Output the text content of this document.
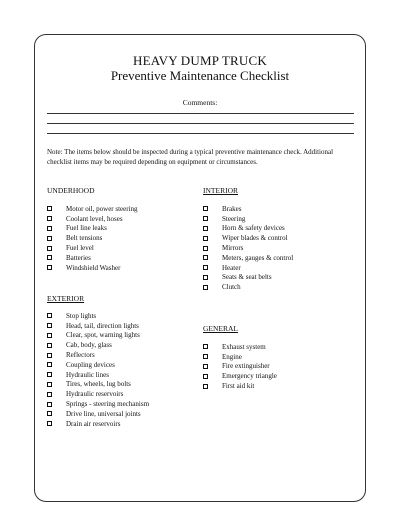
HEAVY DUMP TRUCK
Preventive Maintenance Checklist
Comments:
Note: The items below should be inspected during a typical preventive maintenance check. Additional checklist items may be required depending on equipment or circumstances.
UNDERHOOD
Motor oil, power steering
Coolant level, hoses
Fuel line leaks
Belt tensions
Fuel level
Batteries
Windshield Washer
INTERIOR
Brakes
Steering
Horn & safety devices
Wiper blades & control
Mirrors
Meters, gauges & control
Heater
Seats & seat belts
Clutch
EXTERIOR
Stop lights
Head, tail, direction lights
Clear, spot, warning lights
Cab, body, glass
Reflectors
Coupling devices
Hydraulic lines
Tires, wheels, lug bolts
Hydraulic reservoirs
Springs - steering mechanism
Drive line, universal joints
Drain air reservoirs
GENERAL
Exhaust system
Engine
Fire extinguisher
Emergency triangle
First aid kit
